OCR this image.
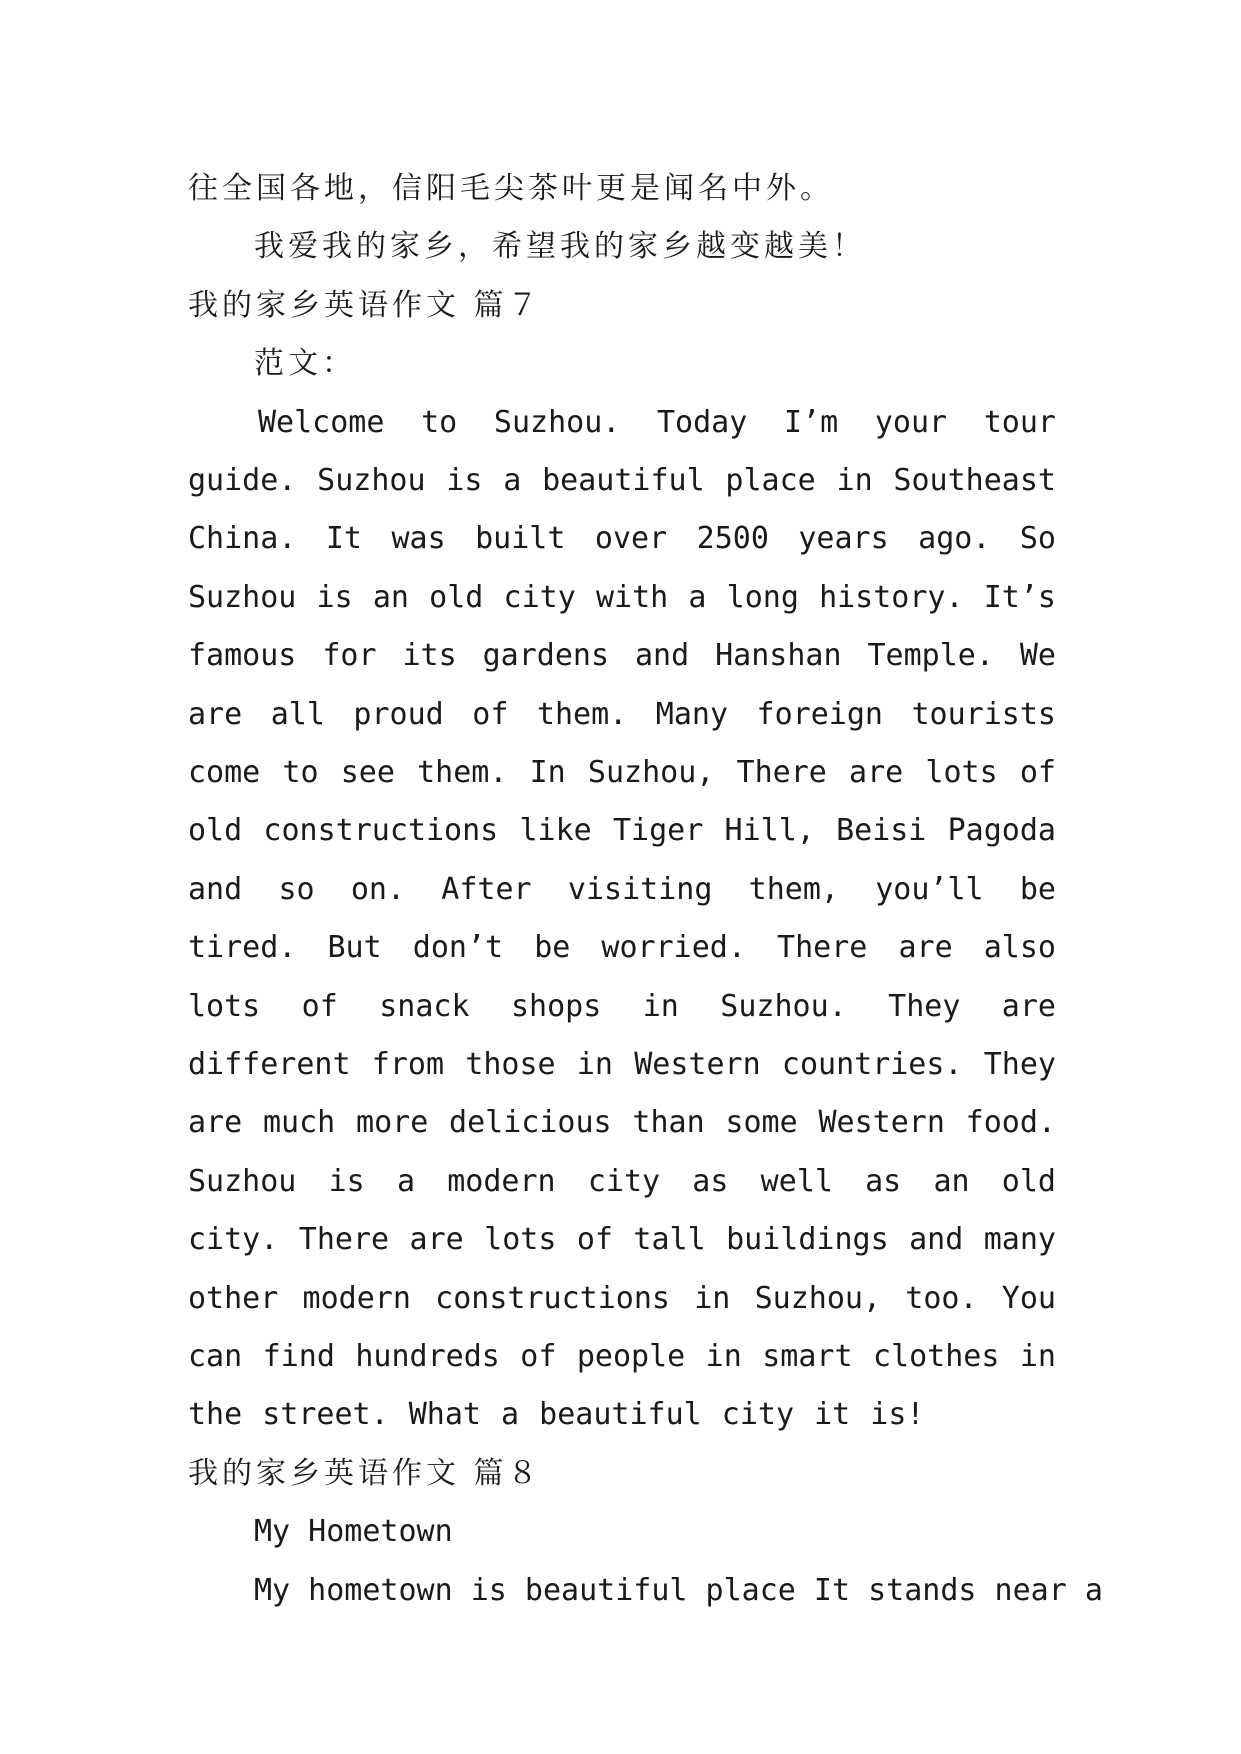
往全国各地，信阳毛尖茶叶更是闻名中外。
我爱我的家乡，希望我的家乡越变越美！
我的家乡英语作文 篇７
范文：

Welcome to Suzhou. Today I’m your tour guide. Suzhou is a beautiful place in Southeast China. It was built over 2500 years ago. So Suzhou is an old city with a long history. It’s famous for its gardens and Hanshan Temple. We are all proud of them. Many foreign tourists come to see them. In Suzhou, There are lots of old constructions like Tiger Hill, Beisi Pagoda and so on. After visiting them, you’ll be tired. But don’t be worried. There are also lots of snack shops in Suzhou. They are different from those in Western countries. They are much more delicious than some Western food. Suzhou is a modern city as well as an old city. There are lots of tall buildings and many other modern constructions in Suzhou, too. You can find hundreds of people in smart clothes in the street. What a beautiful city it is!

我的家乡英语作文 篇８
My Hometown
My hometown is beautiful place It stands near a
